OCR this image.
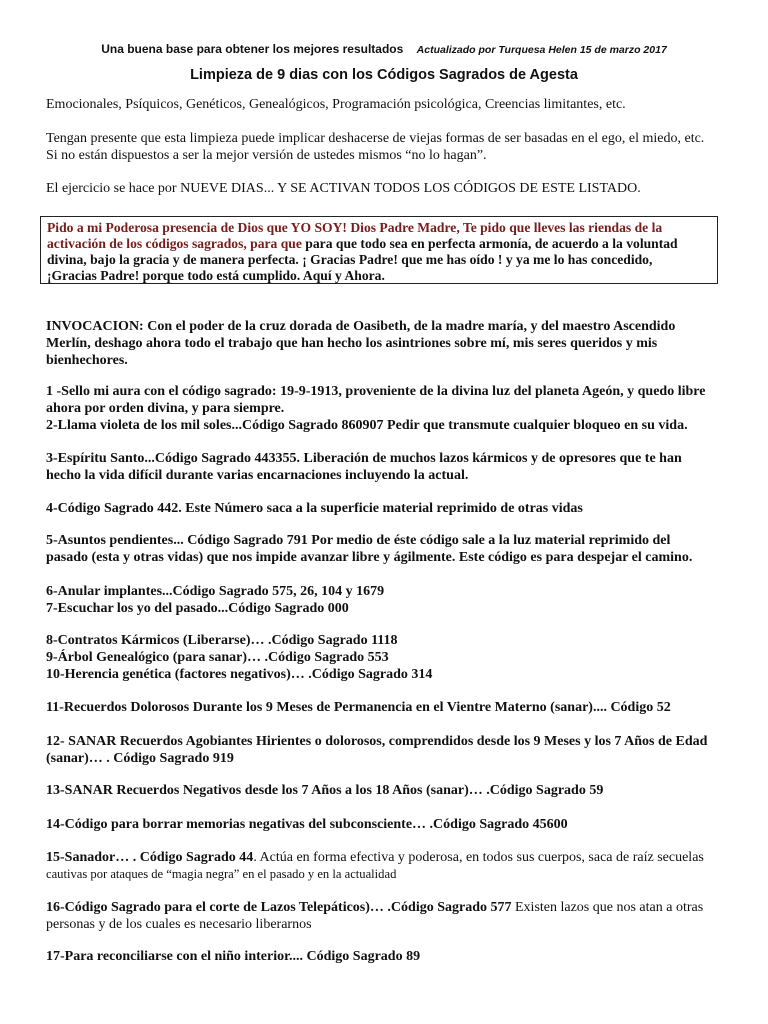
Una buena base para obtener los mejores resultados Actualizado por Turquesa Helen 15 de marzo 2017
Limpieza de 9 dias con los Códigos Sagrados de Agesta
Emocionales, Psíquicos, Genéticos, Genealógicos, Programación psicológica, Creencias limitantes, etc.
Tengan presente que esta limpieza puede implicar deshacerse de viejas formas de ser basadas en el ego, el miedo, etc.
Si no están dispuestos a ser la mejor versión de ustedes mismos “no lo hagan”.
El ejercicio se hace por NUEVE DIAS... Y SE ACTIVAN TODOS LOS CÓDIGOS DE ESTE LISTADO.
Pido a mi Poderosa presencia de Dios que YO SOY! Dios Padre Madre, Te pido que lleves las riendas de la
activación de los códigos sagrados, para que para que todo sea en perfecta armonía, de acuerdo a la voluntad
divina, bajo la gracia y de manera perfecta. ¡ Gracias Padre! que me has oído ! y ya me lo has concedido,
¡Gracias Padre! porque todo está cumplido. Aquí y Ahora.
INVOCACION: Con el poder de la cruz dorada de Oasibeth, de la madre maría, y del maestro Ascendido
Merlín, deshago ahora todo el trabajo que han hecho los asintriones sobre mí, mis seres queridos y mis
bienhechores.
1 -Sello mi aura con el código sagrado: 19-9-1913, proveniente de la divina luz del planeta Ageón, y quedo libre
ahora por orden divina, y para siempre.
2-Llama violeta de los mil soles...Código Sagrado 860907 Pedir que transmute cualquier bloqueo en su vida.
3-Espíritu Santo...Código Sagrado 443355. Liberación de muchos lazos kármicos y de opresores que te han
hecho la vida difícil durante varias encarnaciones incluyendo la actual.
4-Código Sagrado 442. Este Número saca a la superficie material reprimido de otras vidas
5-Asuntos pendientes... Código Sagrado 791 Por medio de éste código sale a la luz material reprimido del
pasado (esta y otras vidas) que nos impide avanzar libre y ágilmente. Este código es para despejar el camino.
6-Anular implantes...Código Sagrado 575, 26, 104 y 1679
7-Escuchar los yo del pasado...Código Sagrado 000
8-Contratos Kármicos (Liberarse)… .Código Sagrado 1118
9-Árbol Genealógico (para sanar)… .Código Sagrado 553
10-Herencia genética (factores negativos)… .Código Sagrado 314
11-Recuerdos Dolorosos Durante los 9 Meses de Permanencia en el Vientre Materno (sanar).... Código 52
12- SANAR Recuerdos Agobiantes Hirientes o dolorosos, comprendidos desde los 9 Meses y los 7 Años de Edad
(sanar)… . Código Sagrado 919
13-SANAR Recuerdos Negativos desde los 7 Años a los 18 Años (sanar)… .Código Sagrado 59
14-Código para borrar memorias negativas del subconsciente… .Código Sagrado 45600
15-Sanador… . Código Sagrado 44. Actúa en forma efectiva y poderosa, en todos sus cuerpos, saca de raíz secuelas
cautivas por ataques de “magia negra” en el pasado y en la actualidad
16-Código Sagrado para el corte de Lazos Telepáticos)… .Código Sagrado 577 Existen lazos que nos atan a otras
personas y de los cuales es necesario liberarnos
17-Para reconciliarse con el niño interior.... Código Sagrado 89
